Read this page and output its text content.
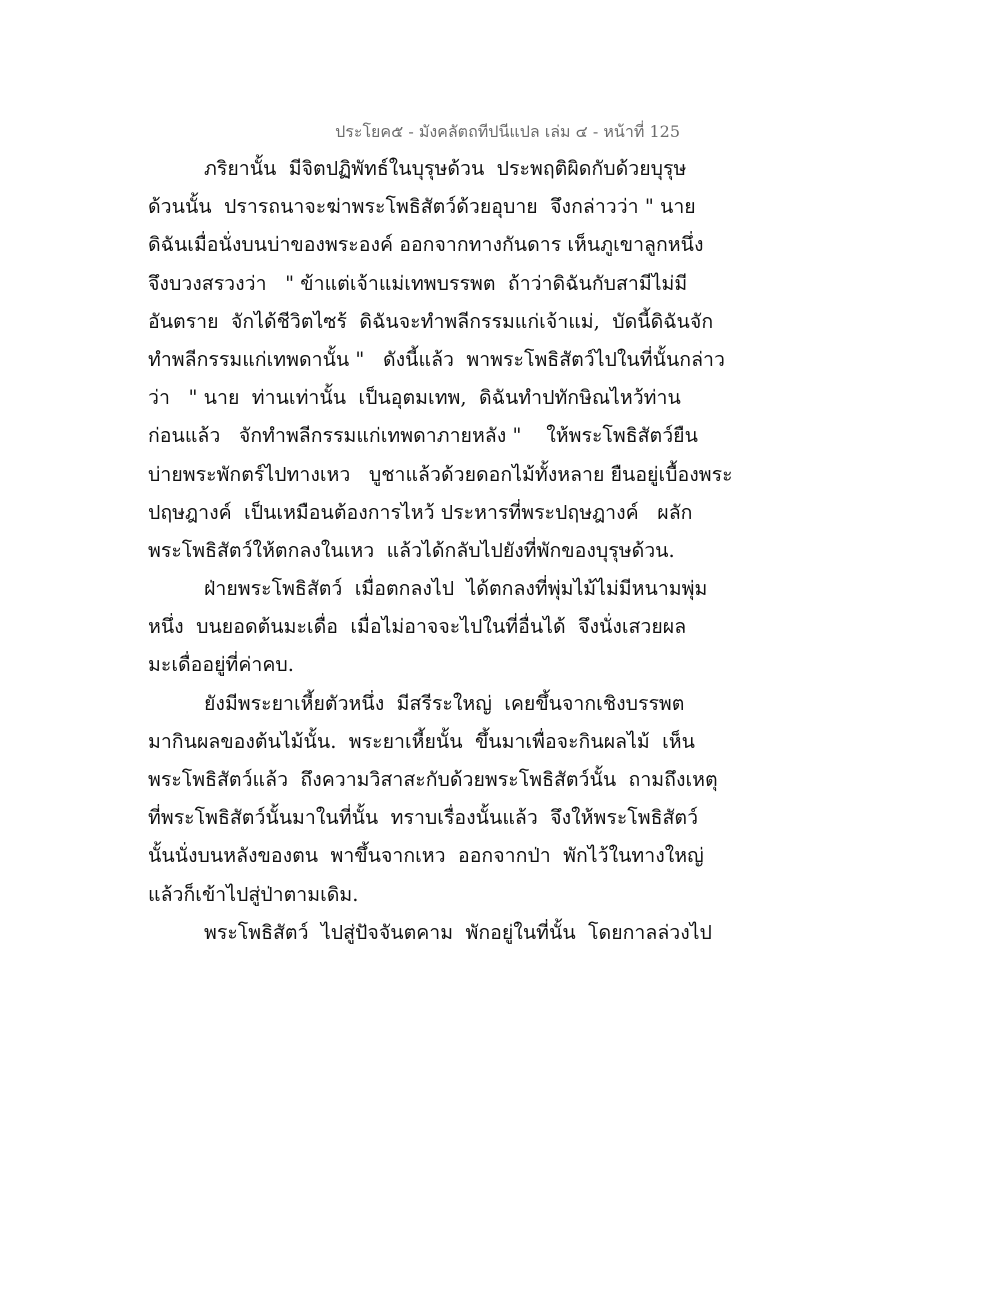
ประโยค๕ - มังคลัตถทีปนีแปล เล่ม ๔ - หน้าที่ 125
ภริยานั้น  มีจิตปฏิพัทธ์ในบุรุษด้วน  ประพฤติผิดกับด้วยบุรุษ
ด้วนนั้น  ปรารถนาจะฆ่าพระโพธิสัตว์ด้วยอุบาย  จึงกล่าวว่า " นาย
ดิฉันเมื่อนั่งบนบ่าของพระองค์ ออกจากทางกันดาร เห็นภูเขาลูกหนึ่ง
จึงบวงสรวงว่า   " ข้าแต่เจ้าแม่เทพบรรพต  ถ้าว่าดิฉันกับสามีไม่มี
อันตราย  จักได้ชีวิตไซร้  ดิฉันจะทำพลีกรรมแก่เจ้าแม่,  บัดนี้ดิฉันจัก
ทำพลีกรรมแก่เทพดานั้น "   ดังนี้แล้ว  พาพระโพธิสัตว์ไปในที่นั้นกล่าว
ว่า   " นาย  ท่านเท่านั้น  เป็นอุตมเทพ,  ดิฉันทำปทักษิณไหว้ท่าน
ก่อนแล้ว   จักทำพลีกรรมแก่เทพดาภายหลัง "    ให้พระโพธิสัตว์ยืน
บ่ายพระพักตร์ไปทางเหว   บูชาแล้วด้วยดอกไม้ทั้งหลาย ยืนอยู่เบื้องพระ
ปฤษฎางค์  เป็นเหมือนต้องการไหว้ ประหารที่พระปฤษฎางค์   ผลัก
พระโพธิสัตว์ให้ตกลงในเหว  แล้วได้กลับไปยังที่พักของบุรุษด้วน.
ฝ่ายพระโพธิสัตว์  เมื่อตกลงไป  ได้ตกลงที่พุ่มไม้ไม่มีหนามพุ่ม
หนึ่ง  บนยอดต้นมะเดื่อ  เมื่อไม่อาจจะไปในที่อื่นได้  จึงนั่งเสวยผล
มะเดื่ออยู่ที่ค่าคบ.
ยังมีพระยาเหี้ยตัวหนึ่ง  มีสรีระใหญ่  เคยขึ้นจากเชิงบรรพต
มากินผลของต้นไม้นั้น.  พระยาเหี้ยนั้น  ขึ้นมาเพื่อจะกินผลไม้  เห็น
พระโพธิสัตว์แล้ว  ถึงความวิสาสะกับด้วยพระโพธิสัตว์นั้น  ถามถึงเหตุ
ที่พระโพธิสัตว์นั้นมาในที่นั้น  ทราบเรื่องนั้นแล้ว  จึงให้พระโพธิสัตว์
นั้นนั่งบนหลังของตน  พาขึ้นจากเหว  ออกจากป่า  พักไว้ในทางใหญ่
แล้วก็เข้าไปสู่ป่าตามเดิม.
พระโพธิสัตว์  ไปสู่ปัจจันตคาม  พักอยู่ในที่นั้น  โดยกาลล่วงไป
